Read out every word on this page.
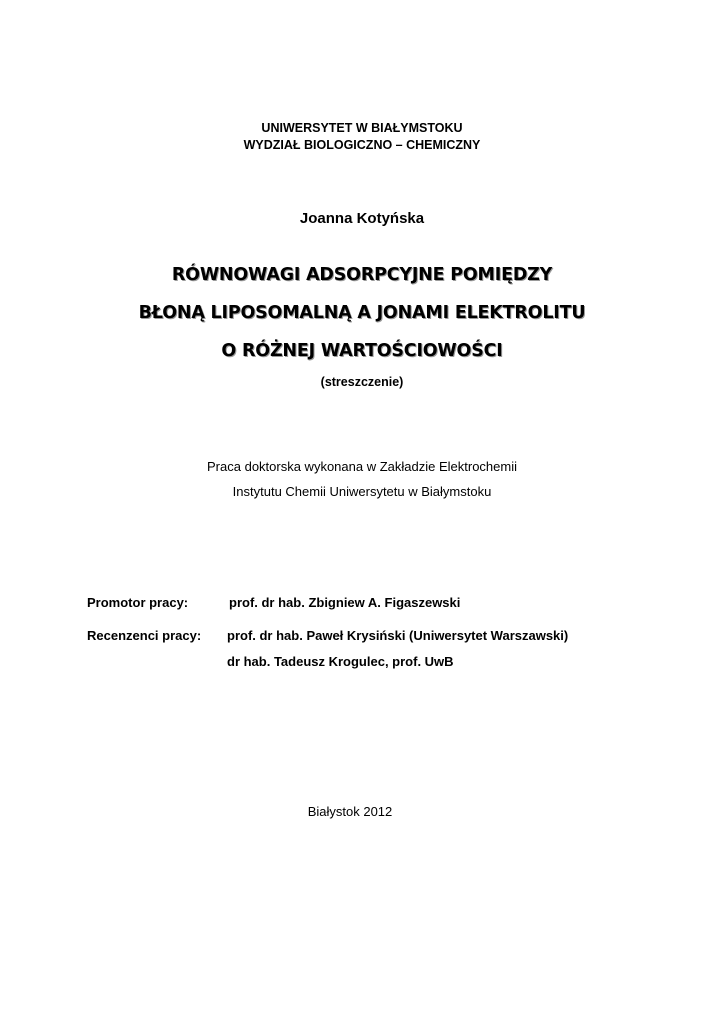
UNIWERSYTET W BIAŁYMSTOKU
WYDZIAŁ BIOLOGICZNO – CHEMICZNY
Joanna Kotyńska
RÓWNOWAGI ADSORPCYJNE POMIĘDZY
BŁONĄ LIPOSOMALNĄ A JONAMI ELEKTROLITU
O RÓŻNEJ WARTOŚCIOWOŚCI
(streszczenie)
Praca doktorska wykonana w Zakładzie Elektrochemii
Instytutu Chemii Uniwersytetu w Białymstoku
Promotor pracy:	prof. dr hab. Zbigniew A. Figaszewski
Recenzenci pracy: prof. dr hab. Paweł Krysiński (Uniwersytet Warszawski)
dr hab. Tadeusz Krogulec, prof. UwB
Białystok 2012
